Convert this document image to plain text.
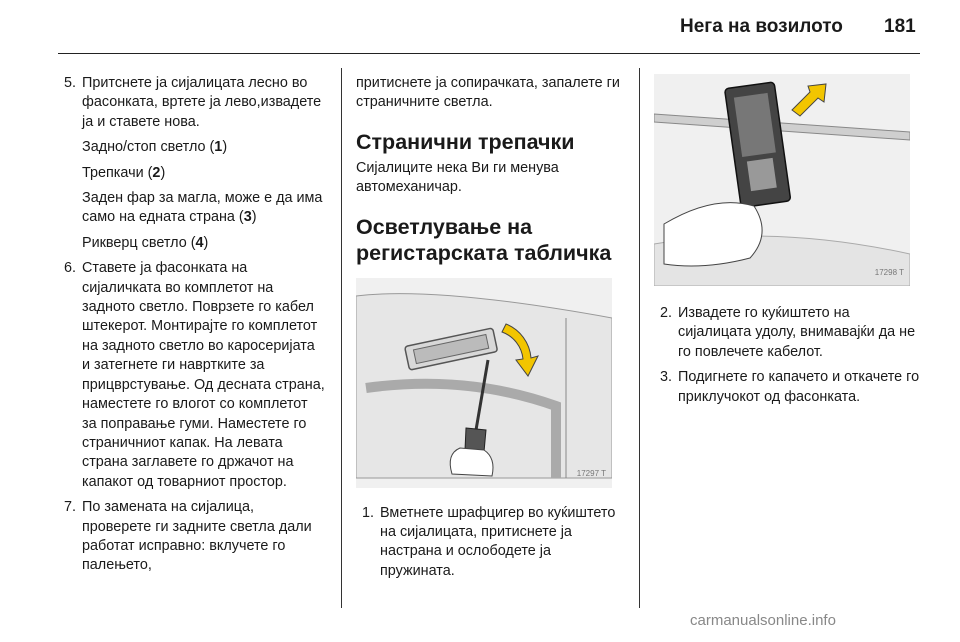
Нега на возилото 181
5. Притснете ја сијалицата лесно во фасонката, вртете ја лево,извадете ја и ставете нова.
Задно/стоп светло (1)
Трепкачи (2)
Заден фар за магла, може е да има само на едната страна (3)
Рикверц светло (4)
6. Ставете ја фасонката на сијаличката во комплетот на задното светло. Поврзете го кабел штекерот. Монтирајте го комплетот на задното светло во каросеријата и затегнете ги навртките за прицврстување. Од десната страна, наместете го влогот со комплетот за поправање гуми. Наместете го страничниот капак. На левата страна заглавете го држачот на капакот од товарниот простор.
7. По замената на сијалица, проверете ги задните светла дали работат исправно: вклучете го палењето,
притиснете ја сопирачката, запалете ги страничните светла.
Странични трепачки
Сијалиците нека Ви ги менува автомеханичар.
Осветлување на регистарската табличка
17297 T
1. Вметнете шрафцигер во куќиштето на сијалицата, притиснете ја настрана и ослободете ја пружината.
17298 T
2. Извадете го куќиштето на сијалицата удолу, внимавајќи да не го повлечете кабелот.
3. Подигнете го капачето и откачете го приклучокот од фасонката.
carmanualsonline.info
